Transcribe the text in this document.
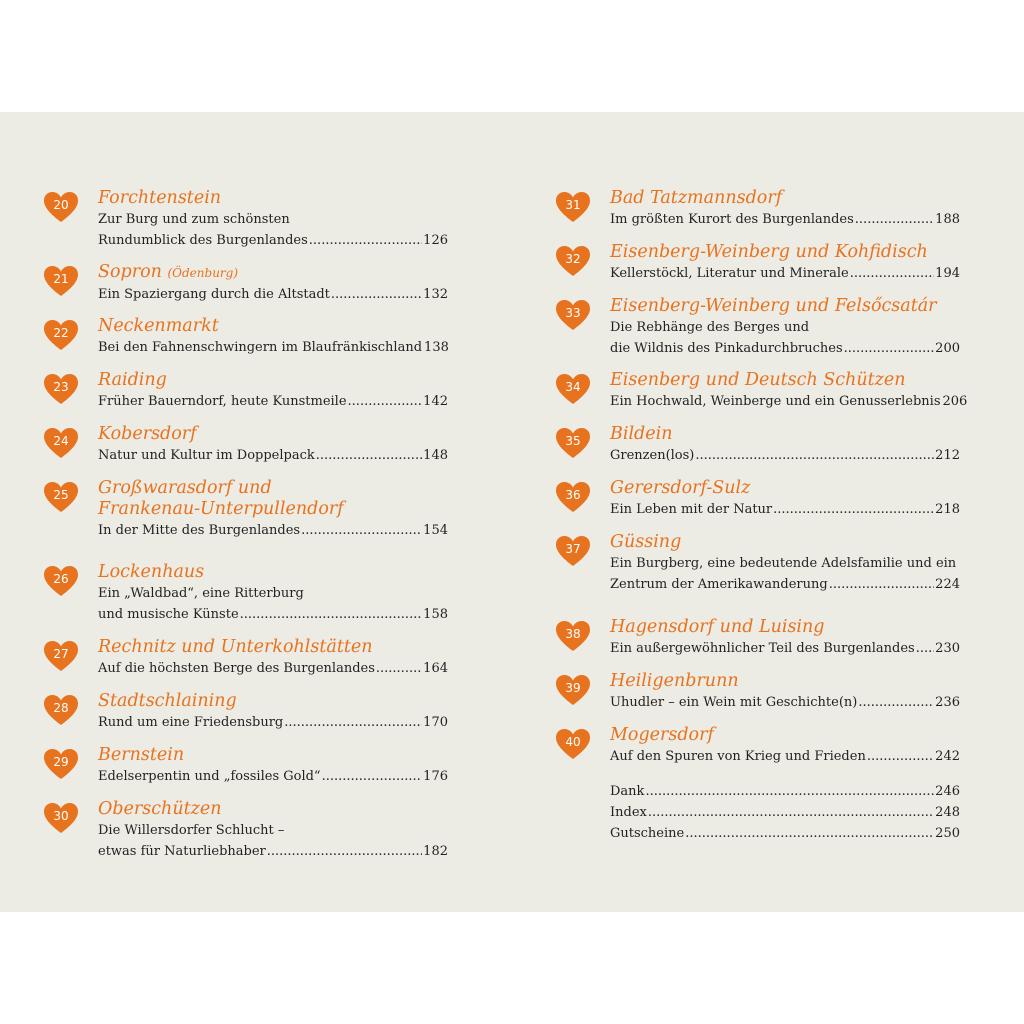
20	Forchtenstein
Zur Burg und zum schönsten
Rundumblick des Burgenlandes .....	126
21	Sopron (Ödenburg)
Ein Spaziergang durch die Altstadt .....	132
22	Neckenmarkt
Bei den Fahnenschwingern im Blaufränkischland 138
23	Raiding
Früher Bauerndorf, heute Kunstmeile .....	142
24	Kobersdorf
Natur und Kultur im Doppelpack .....	148
25	Großwarasdorf und
Frankenau-Unterpullendorf
In der Mitte des Burgenlandes .....	154
26	Lockenhaus
Ein „Waldbad“, eine Ritterburg
und musische Künste .....	158
27	Rechnitz und Unterkohlstätten
Auf die höchsten Berge des Burgenlandes .....	164
28	Stadtschlaining
Rund um eine Friedensburg .....	170
29	Bernstein
Edelserpentin und „fossiles Gold“ .....	176
30	Oberschützen
Die Willersdorfer Schlucht –
etwas für Naturliebhaber .....	182
Dank .....	246
Index .....	248
Gutscheine .....	250
31	Bad Tatzmannsdorf
Im größten Kurort des Burgenlandes .....	188
32	Eisenberg-Weinberg und Kohfidisch
Kellerstöckl, Literatur und Minerale .....	194
33	Eisenberg-Weinberg und Felsőcsatár
Die Rebhänge des Berges und
die Wildnis des Pinkadurchbruches .....	200
34	Eisenberg und Deutsch Schützen
Ein Hochwald, Weinberge und ein Genusserlebnis 206
35	Bildein
Grenzen(los) .....	212
36	Gerersdorf-Sulz
Ein Leben mit der Natur .....	218
37	Güssing
Ein Burgberg, eine bedeutende Adelsfamilie und ein
Zentrum der Amerikawanderung .....	224
38	Hagensdorf und Luising
Ein außergewöhnlicher Teil des Burgenlandes ..... 230
39	Heiligenbrunn
Uhudler – ein Wein mit Geschichte(n) .....	236
40	Mogersdorf
Auf den Spuren von Krieg und Frieden .....	242
